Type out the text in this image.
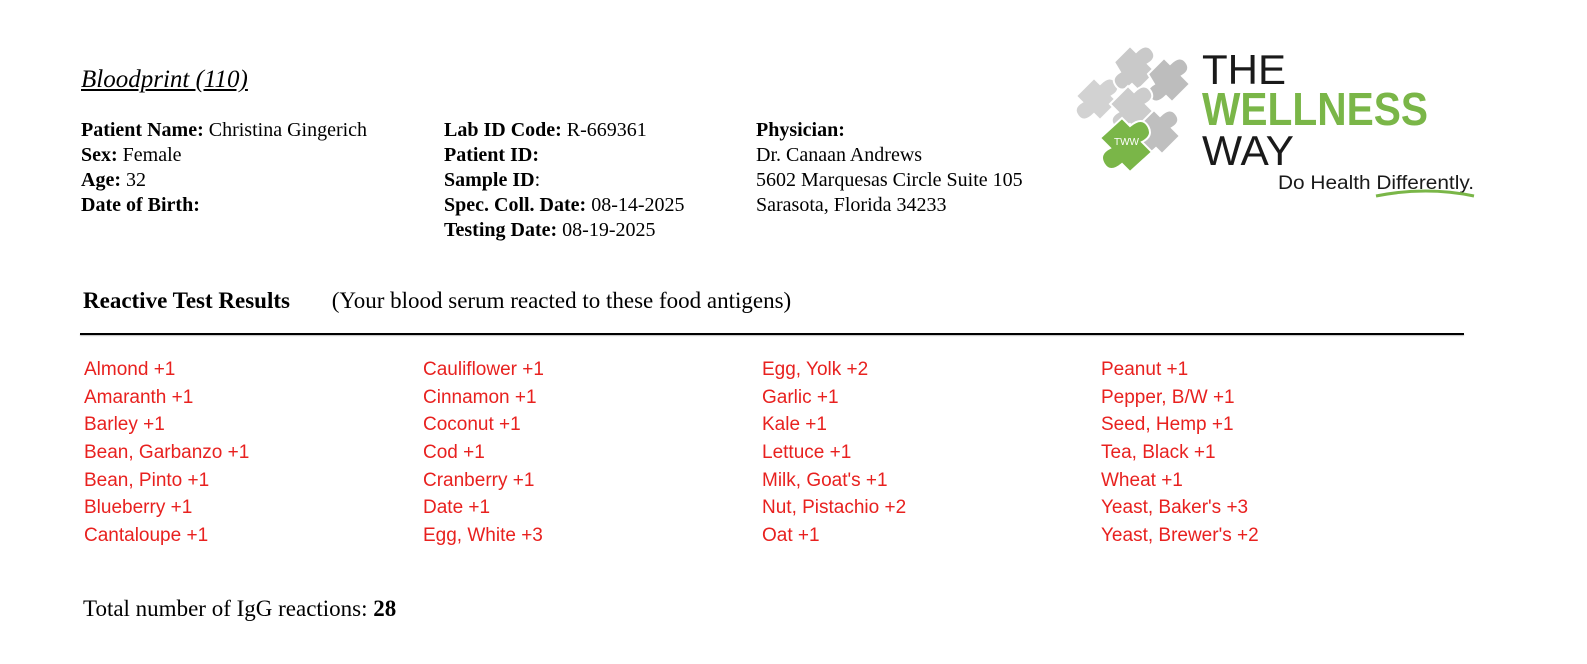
Bloodprint (110)
Patient Name: Christina Gingerich
Sex: Female
Age: 32
Date of Birth:
Lab ID Code: R-669361
Patient ID:
Sample ID:
Spec. Coll. Date: 08-14-2025
Testing Date: 08-19-2025
Physician:
Dr. Canaan Andrews
5602 Marquesas Circle Suite 105
Sarasota, Florida 34233
TWW
THE
WELLNESS
WAY
Do Health Differently.
Reactive Test Results (Your blood serum reacted to these food antigens)
Almond +1
Amaranth +1
Barley +1
Bean, Garbanzo +1
Bean, Pinto +1
Blueberry +1
Cantaloupe +1
Cauliflower +1
Cinnamon +1
Coconut +1
Cod +1
Cranberry +1
Date +1
Egg, White +3
Egg, Yolk +2
Garlic +1
Kale +1
Lettuce +1
Milk, Goat's +1
Nut, Pistachio +2
Oat +1
Peanut +1
Pepper, B/W +1
Seed, Hemp +1
Tea, Black +1
Wheat +1
Yeast, Baker's +3
Yeast, Brewer's +2
Total number of IgG reactions: 28
